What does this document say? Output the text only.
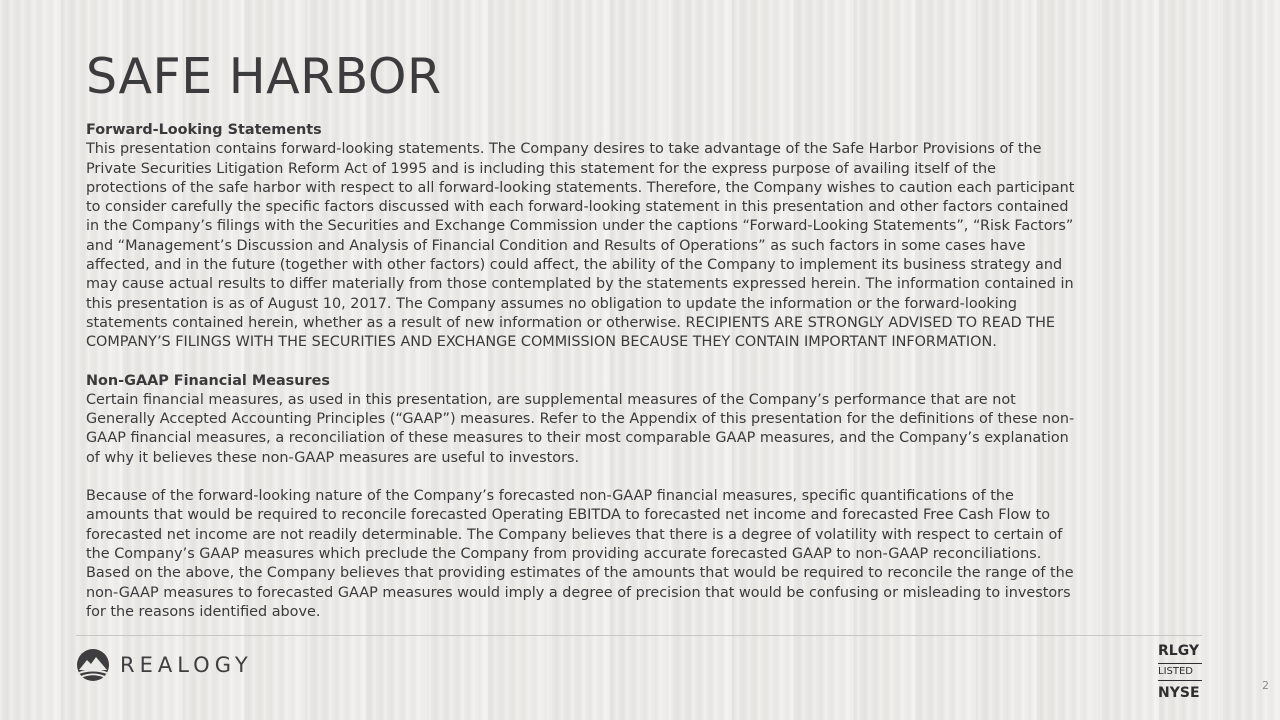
SAFE HARBOR
Forward-Looking Statements

This presentation contains forward-looking statements. The Company desires to take advantage of the Safe Harbor Provisions of the

Private Securities Litigation Reform Act of 1995 and is including this statement for the express purpose of availing itself of the

protections of the safe harbor with respect to all forward-looking statements. Therefore, the Company wishes to caution each participant

to consider carefully the specific factors discussed with each forward-looking statement in this presentation and other factors contained

in the Company’s filings with the Securities and Exchange Commission under the captions “Forward-Looking Statements”, “Risk Factors”

and “Management’s Discussion and Analysis of Financial Condition and Results of Operations” as such factors in some cases have

affected, and in the future (together with other factors) could affect, the ability of the Company to implement its business strategy and

may cause actual results to differ materially from those contemplated by the statements expressed herein. The information contained in

this presentation is as of August 10, 2017. The Company assumes no obligation to update the information or the forward-looking

statements contained herein, whether as a result of new information or otherwise. RECIPIENTS ARE STRONGLY ADVISED TO READ THE

COMPANY’S FILINGS WITH THE SECURITIES AND EXCHANGE COMMISSION BECAUSE THEY CONTAIN IMPORTANT INFORMATION.

Non-GAAP Financial Measures

Certain financial measures, as used in this presentation, are supplemental measures of the Company’s performance that are not

Generally Accepted Accounting Principles (“GAAP”) measures. Refer to the Appendix of this presentation for the definitions of these non-

GAAP financial measures, a reconciliation of these measures to their most comparable GAAP measures, and the Company’s explanation

of why it believes these non-GAAP measures are useful to investors.

Because of the forward-looking nature of the Company’s forecasted non-GAAP financial measures, specific quantifications of the

amounts that would be required to reconcile forecasted Operating EBITDA to forecasted net income and forecasted Free Cash Flow to

forecasted net income are not readily determinable. The Company believes that there is a degree of volatility with respect to certain of

the Company’s GAAP measures which preclude the Company from providing accurate forecasted GAAP to non-GAAP reconciliations.

Based on the above, the Company believes that providing estimates of the amounts that would be required to reconcile the range of the

non-GAAP measures to forecasted GAAP measures would imply a degree of precision that would be confusing or misleading to investors

for the reasons identified above.

REALOGY
RLGY
LISTED
NYSE	2
